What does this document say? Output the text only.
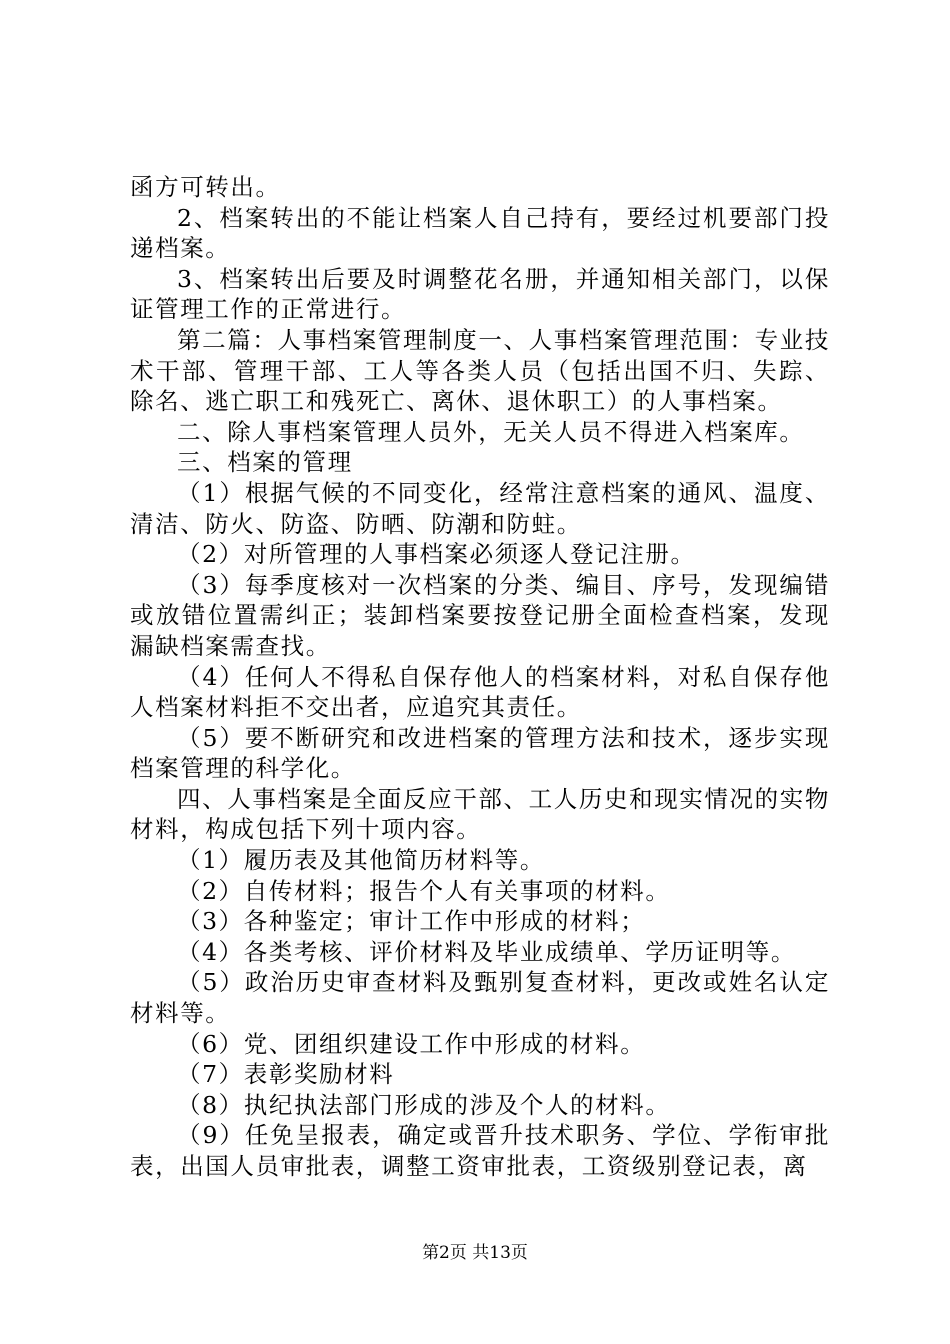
函方可转出。

2、档案转出的不能让档案人自己持有，要经过机要部门投递档案。

3、档案转出后要及时调整花名册，并通知相关部门，以保证管理工作的正常进行。

第二篇：人事档案管理制度一、人事档案管理范围：专业技术干部、管理干部、工人等各类人员（包括出国不归、失踪、除名、逃亡职工和残死亡、离休、退休职工）的人事档案。

二、除人事档案管理人员外，无关人员不得进入档案库。

三、档案的管理

（1）根据气候的不同变化，经常注意档案的通风、温度、清洁、防火、防盗、防晒、防潮和防蛀。

（2）对所管理的人事档案必须逐人登记注册。

（3）每季度核对一次档案的分类、编目、序号，发现编错或放错位置需纠正；装卸档案要按登记册全面检查档案，发现漏缺档案需查找。

（4）任何人不得私自保存他人的档案材料，对私自保存他人档案材料拒不交出者，应追究其责任。

（5）要不断研究和改进档案的管理方法和技术，逐步实现档案管理的科学化。

四、人事档案是全面反应干部、工人历史和现实情况的实物材料，构成包括下列十项内容。

（1）履历表及其他简历材料等。

（2）自传材料；报告个人有关事项的材料。

（3）各种鉴定；审计工作中形成的材料；

（4）各类考核、评价材料及毕业成绩单、学历证明等。

（5）政治历史审查材料及甄别复查材料，更改或姓名认定材料等。

（6）党、团组织建设工作中形成的材料。

（7）表彰奖励材料

（8）执纪执法部门形成的涉及个人的材料。

（9）任免呈报表，确定或晋升技术职务、学位、学衔审批表，出国人员审批表，调整工资审批表，工资级别登记表，离

第2页 共13页
